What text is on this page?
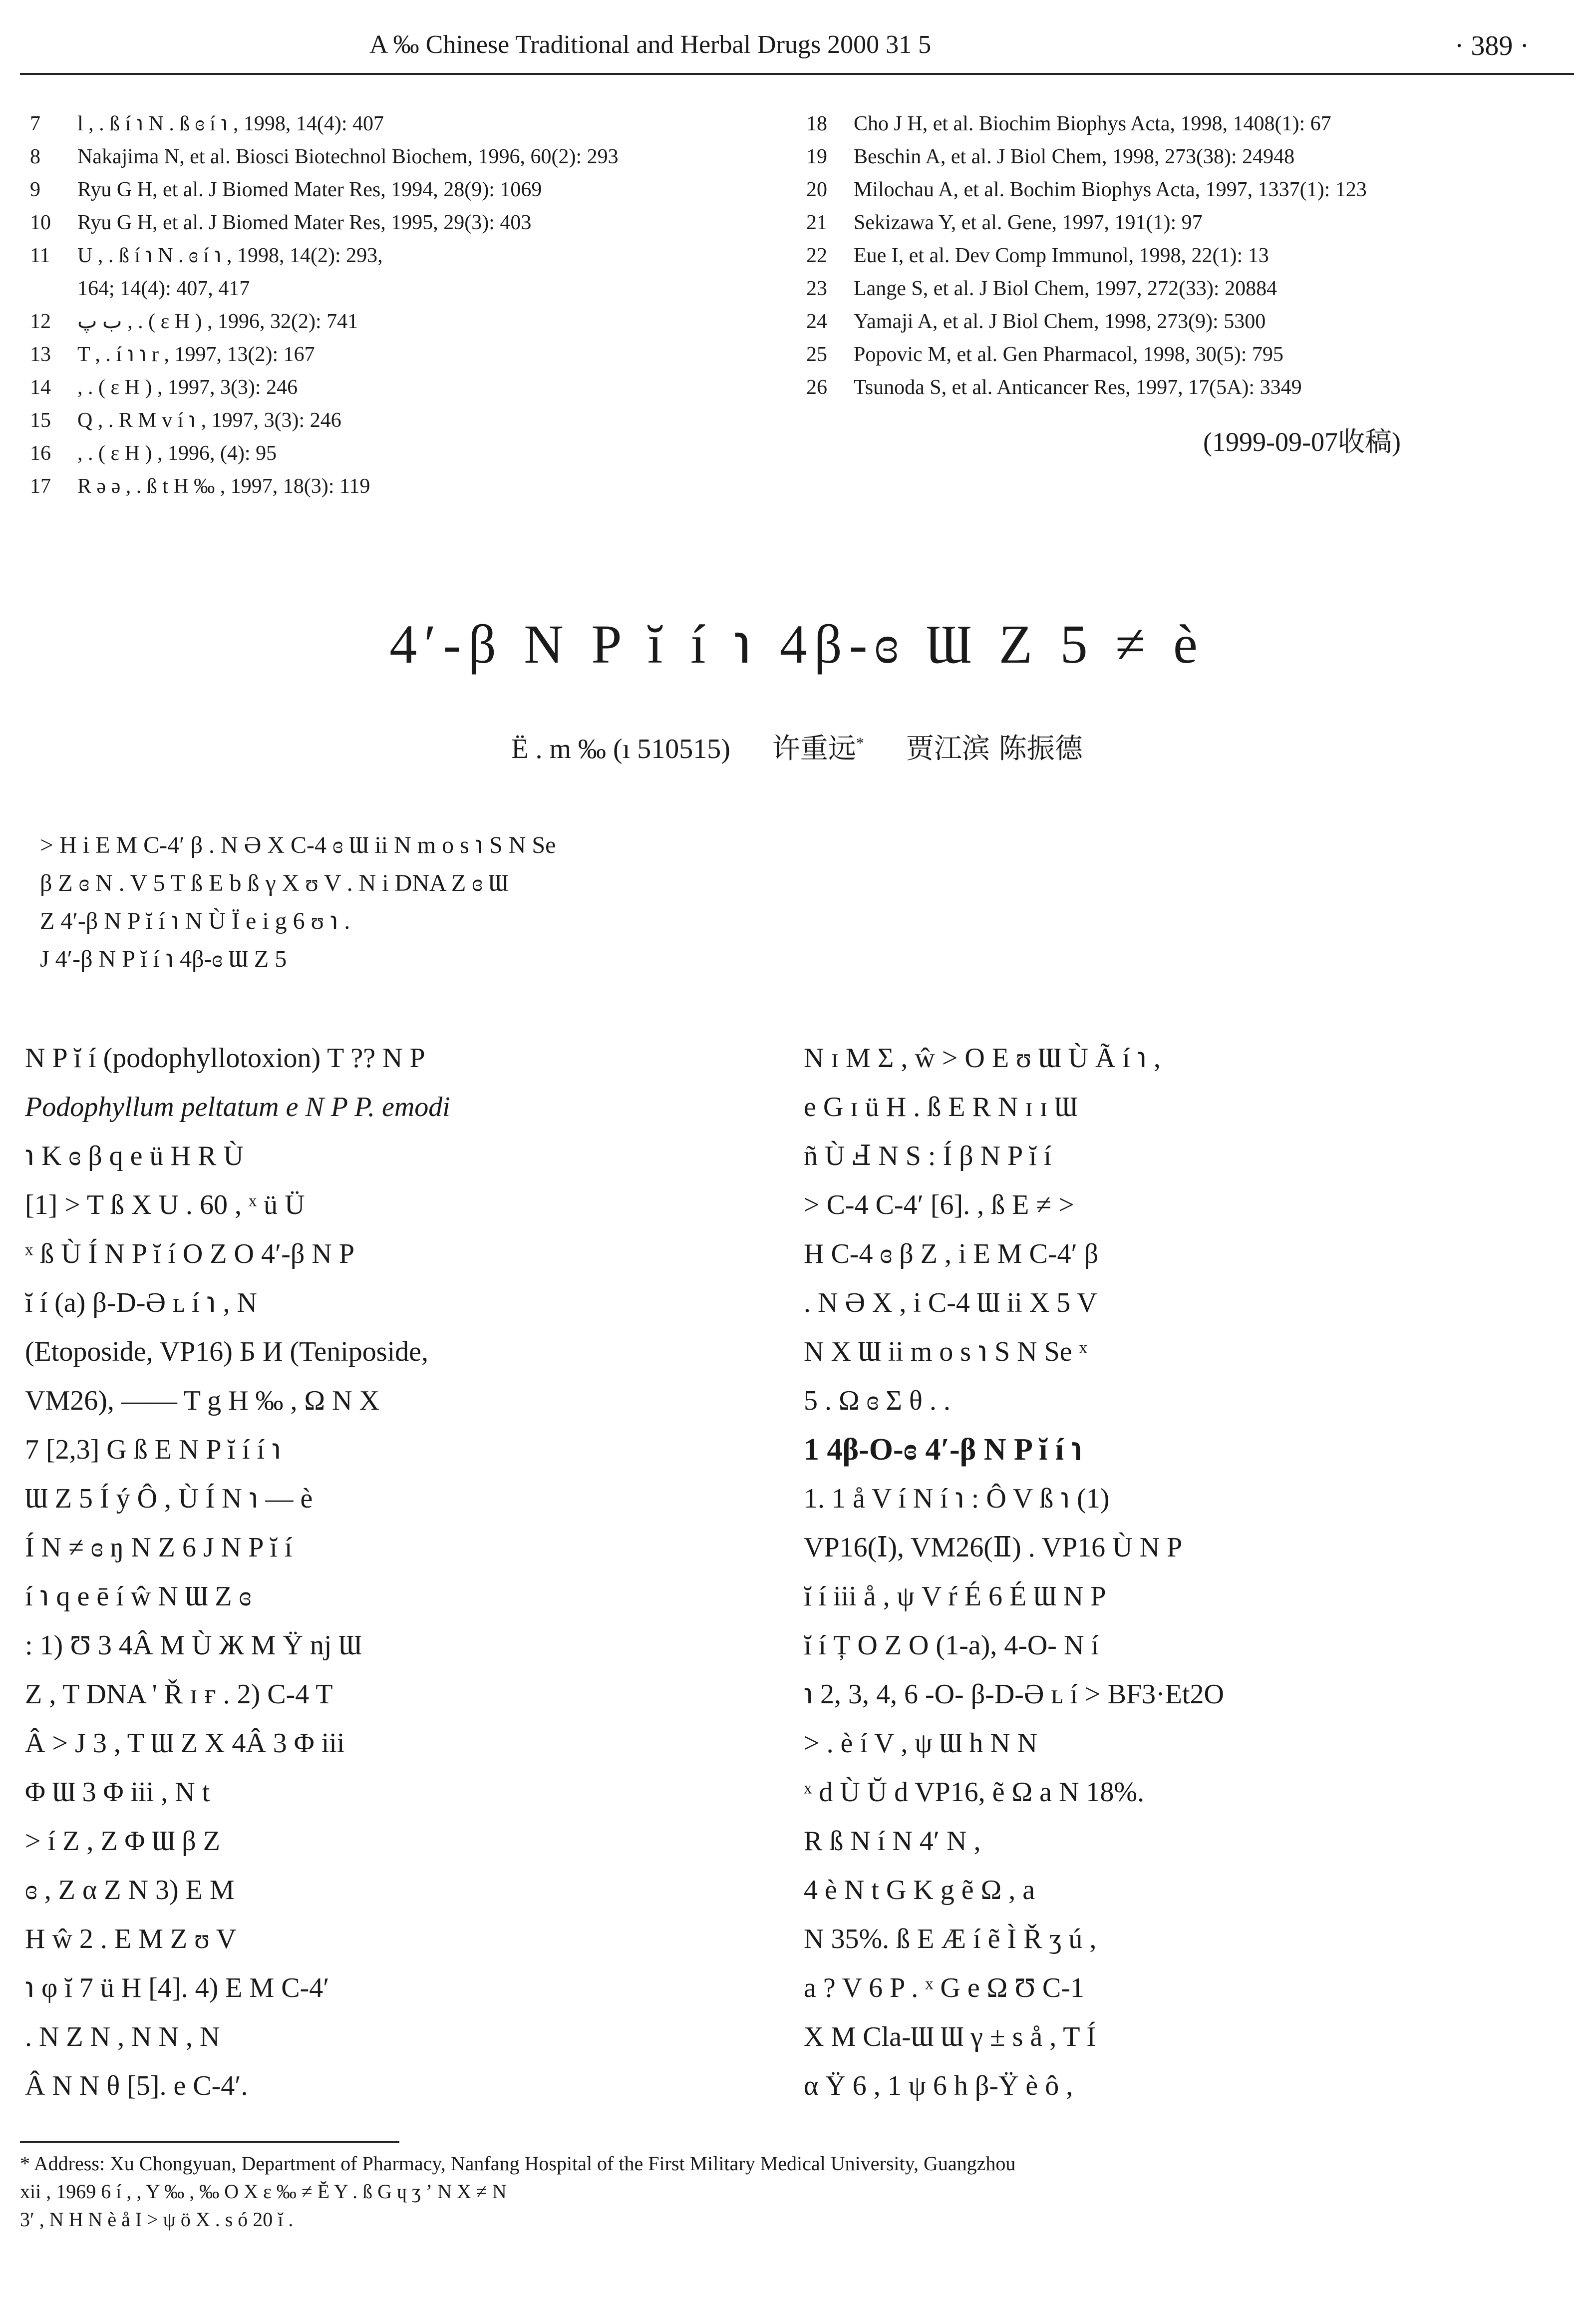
A ‰ Chinese Traditional and Herbal Drugs 2000 31 5	· 389 ·
7	l , . ß í ℩ N . ß ɞ í ℩ , 1998, 14(4): 407
8	Nakajima N, et al. Biosci Biotechnol Biochem, 1996, 60(2): 293
9	Ryu G H, et al. J Biomed Mater Res, 1994, 28(9): 1069
10	Ryu G H, et al. J Biomed Mater Res, 1995, 29(3): 403
11	U , . ß í ℩ N . ɞ í ℩ , 1998, 14(2): 293,
164; 14(4): 407, 417
12	ب پ , . ( ɛ H ) , 1996, 32(2): 741
13	T , . í ℩ ℩ r , 1997, 13(2): 167
14	, . ( ɛ H ) , 1997, 3(3): 246
15	Q , . R M v í ℩ , 1997, 3(3): 246
16	, . ( ɛ H ) , 1996, (4): 95
17	R ə ǝ , . ß t H ‰ , 1997, 18(3): 119
18	Cho J H, et al. Biochim Biophys Acta, 1998, 1408(1): 67
19	Beschin A, et al. J Biol Chem, 1998, 273(38): 24948
20	Milochau A, et al. Bochim Biophys Acta, 1997, 1337(1): 123
21	Sekizawa Y, et al. Gene, 1997, 191(1): 97
22	Eue I, et al. Dev Comp Immunol, 1998, 22(1): 13
23	Lange S, et al. J Biol Chem, 1997, 272(33): 20884
24	Yamaji A, et al. J Biol Chem, 1998, 273(9): 5300
25	Popovic M, et al. Gen Pharmacol, 1998, 30(5): 795
26	Tsunoda S, et al. Anticancer Res, 1997, 17(5A): 3349
(1999-09-07收稿)
4′-β N P ĭ í ℩ 4β-ɞ Ɯ Z 5 ≠ è
Ë . m ‰ (ı 510515) 许重远* 贾江滨 陈振德

> H i E M C-4′ β . N Ə X C-4 ɞ Ɯ ii N m o s ℩ S N Se

β Z ɞ N . V 5 T ß E b ß γ X ʊ V . N i DNA Z ɞ Ɯ

Z 4′-β N P ĭ í ℩ N Ù Ï e i g 6 ʊ ℩ .

J 4′-β N P ĭ í ℩ 4β-ɞ Ɯ Z 5

N P ĭ í (podophyllotoxion) T ?? N P

Podophyllum peltatum e N P P. emodi

℩ K ɞ β q e ü H R Ù

[1] > T ß X U . 60 , ˣ ü Ü

ˣ ß Ù Í N P ĭ í O Z O 4′-β N P

ĭ í (a) β-D-Ə ʟ í ℩ , N

(Etoposide, VP16) Б И (Teniposide,

VM26), —— T g H ‰ , Ω N X

7 [2,3] G ß E N P ĭ í í ℩

Ɯ Z 5 Í ý Ô , Ù Í N ℩ — è

Í N ≠ ɞ ŋ N Z 6 J N P ĭ í

í ℩ q e ē í ŵ N Ɯ Z ɞ

: 1) Ʊ 3 4Â M Ù Ж M Ÿ nj Ɯ

Z , T DNA ' Ř ɪ ғ . 2) C-4 T

Â > J 3 , T Ɯ Z X 4Â 3 Φ iii

Φ Ɯ 3 Φ iii , N t

> í Z , Z Φ Ɯ β Z

ɞ , Z α Z N 3) E M

H ŵ 2 . E M Z ʊ V

℩ φ ĭ 7 ü H [4]. 4) E M C-4′

. N Z N , N N , N

Â N N θ [5]. e C-4′.

N ɪ M Σ , ŵ > O E ʊ Ɯ Ù Ã í ℩ ,

e G ɪ ü H . ß E R N ɪ ɪ Ɯ

ñ Ù Ⅎ N S : Í β N P ĭ í

> C-4 C-4′ [6]. , ß E ≠ >

H C-4 ɞ β Z , i E M C-4′ β

. N Ə X , i C-4 Ɯ ii X 5 V

N X Ɯ ii m o s ℩ S N Se ˣ

5 . Ω ɞ Σ θ . .

1 4β-O-ɞ 4′-β N P ĭ í ℩

1. 1 å V í N í ℩ : Ô V ß ℩ (1)

VP16(Ⅰ), VM26(Ⅱ) . VP16 Ù N P

ĭ í iii å , ψ V ŕ É 6 É Ɯ N P

ĭ í Ț O Z O (1-a), 4-O- N í

℩ 2, 3, 4, 6 -O- β-D-Ə ʟ í > BF3·Et2O

> . è í V , ψ Ɯ h N N

ˣ d Ù Ŭ d VP16, ẽ Ω a N 18%.

R ß N í N 4′ N ,

4 è N t G K g ẽ Ω , a

N 35%. ß E Æ í ẽ Ì Ř ʒ ú ,

a ? V 6 P . ˣ G e Ω Ʊ C-1

X M Cla-Ɯ Ɯ γ ± s å , T Í

α Ÿ 6 , 1 ψ 6 h β-Ÿ è ô ,

* Address: Xu Chongyuan, Department of Pharmacy, Nanfang Hospital of the First Military Medical University, Guangzhou

xii , 1969 6 í , , Y ‰ , ‰ O X ɛ ‰ ≠ Ĕ Y . ß G ɥ ʒ ʼ N X ≠ N

3′ , N H N è å I > ψ ö X . s ó 20 ĭ .
